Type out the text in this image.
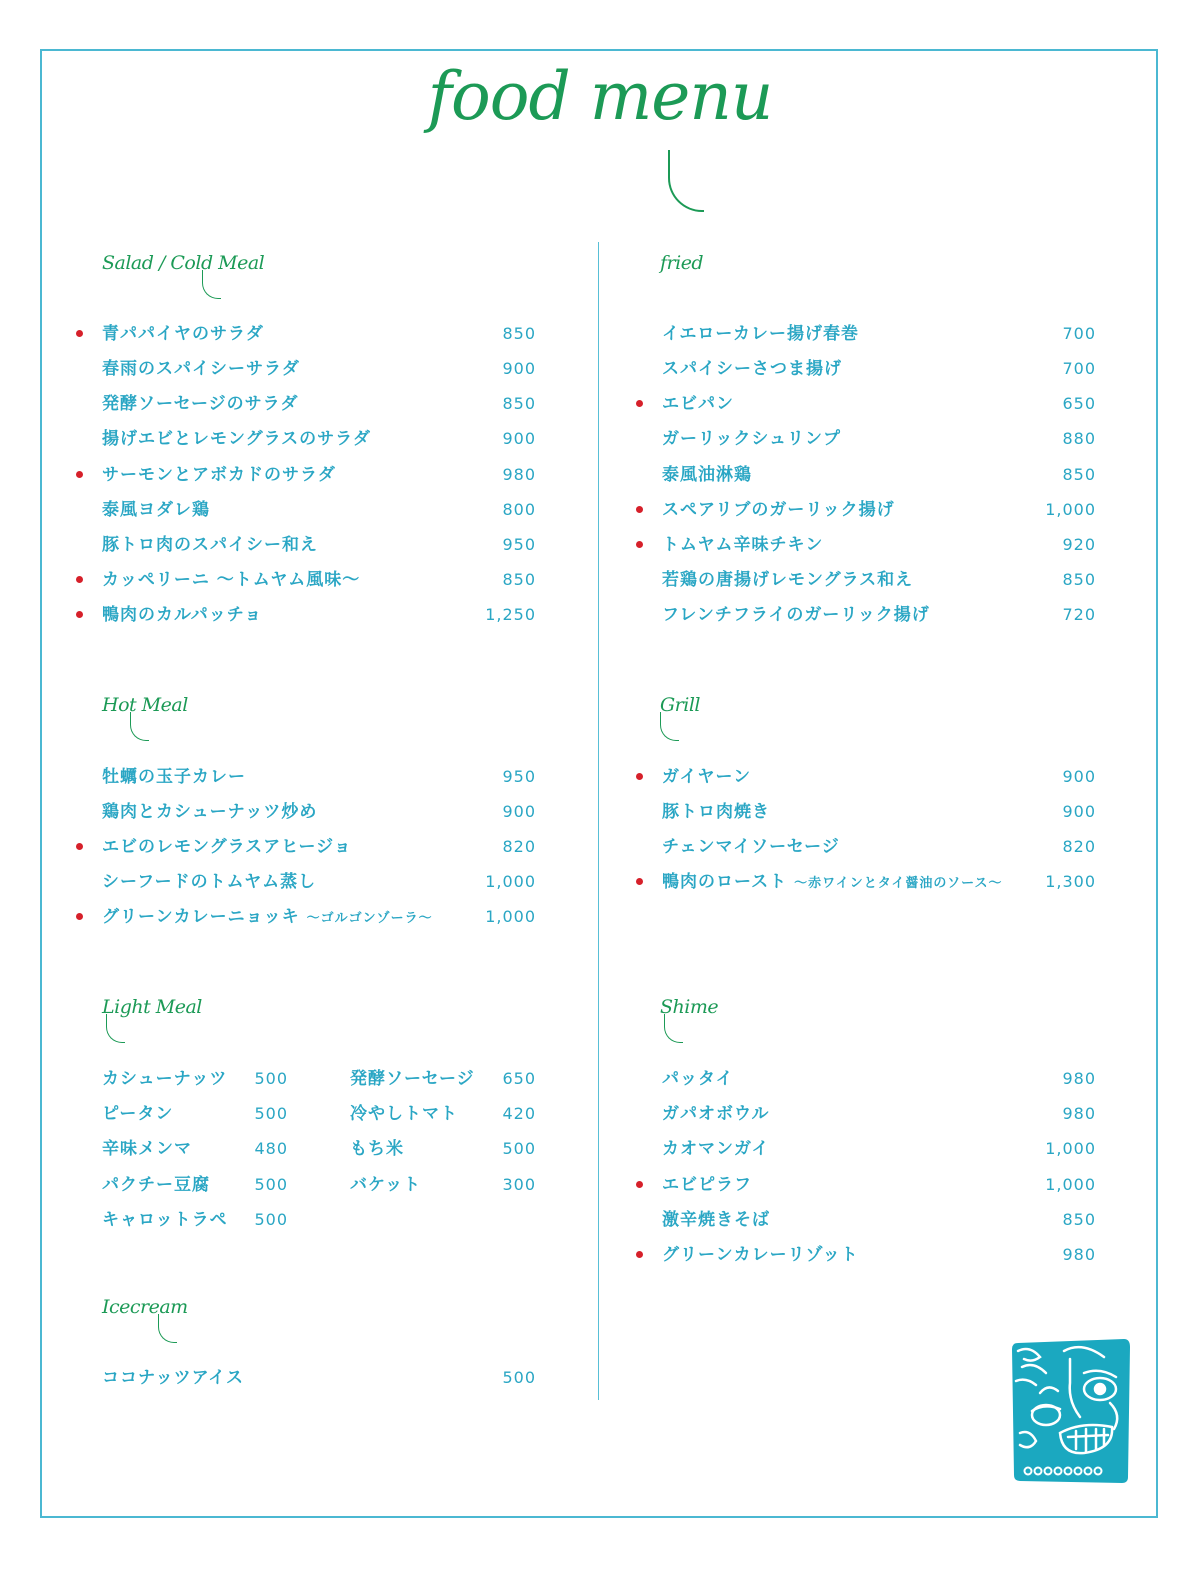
food menu
Salad / Cold Meal
Hot Meal
Light Meal
Icecream
fried
Grill
Shime
青パパイヤのサラダ	850
春雨のスパイシーサラダ	900
発酵ソーセージのサラダ	850
揚げエビとレモングラスのサラダ	900
サーモンとアボカドのサラダ	980
泰風ヨダレ鶏	800
豚トロ肉のスパイシー和え	950
カッペリーニ ～トムヤム風味～	850
鴨肉のカルパッチョ	1,250
牡蠣の玉子カレー	950
鶏肉とカシューナッツ炒め	900
エビのレモングラスアヒージョ	820
シーフードのトムヤム蒸し	1,000
グリーンカレーニョッキ ～ゴルゴンゾーラ～	1,000
カシューナッツ 500
ピータン	500
辛味メンマ	480
パクチー豆腐	500
キャロットラペ 500
発酵ソーセージ 650
冷やしトマト	420
もち米	500
バケット	300
ココナッツアイス	500
イエローカレー揚げ春巻	700
スパイシーさつま揚げ	700
エビパン	650
ガーリックシュリンプ	880
泰風油淋鶏	850
スペアリブのガーリック揚げ	1,000
トムヤム辛味チキン	920
若鶏の唐揚げレモングラス和え	850
フレンチフライのガーリック揚げ	720
ガイヤーン	900
豚トロ肉焼き	900
チェンマイソーセージ	820
鴨肉のロースト ～赤ワインとタイ醤油のソース～	1,300
パッタイ	980
ガパオボウル	980
カオマンガイ	1,000
エビピラフ	1,000
激辛焼きそば	850
グリーンカレーリゾット	980
